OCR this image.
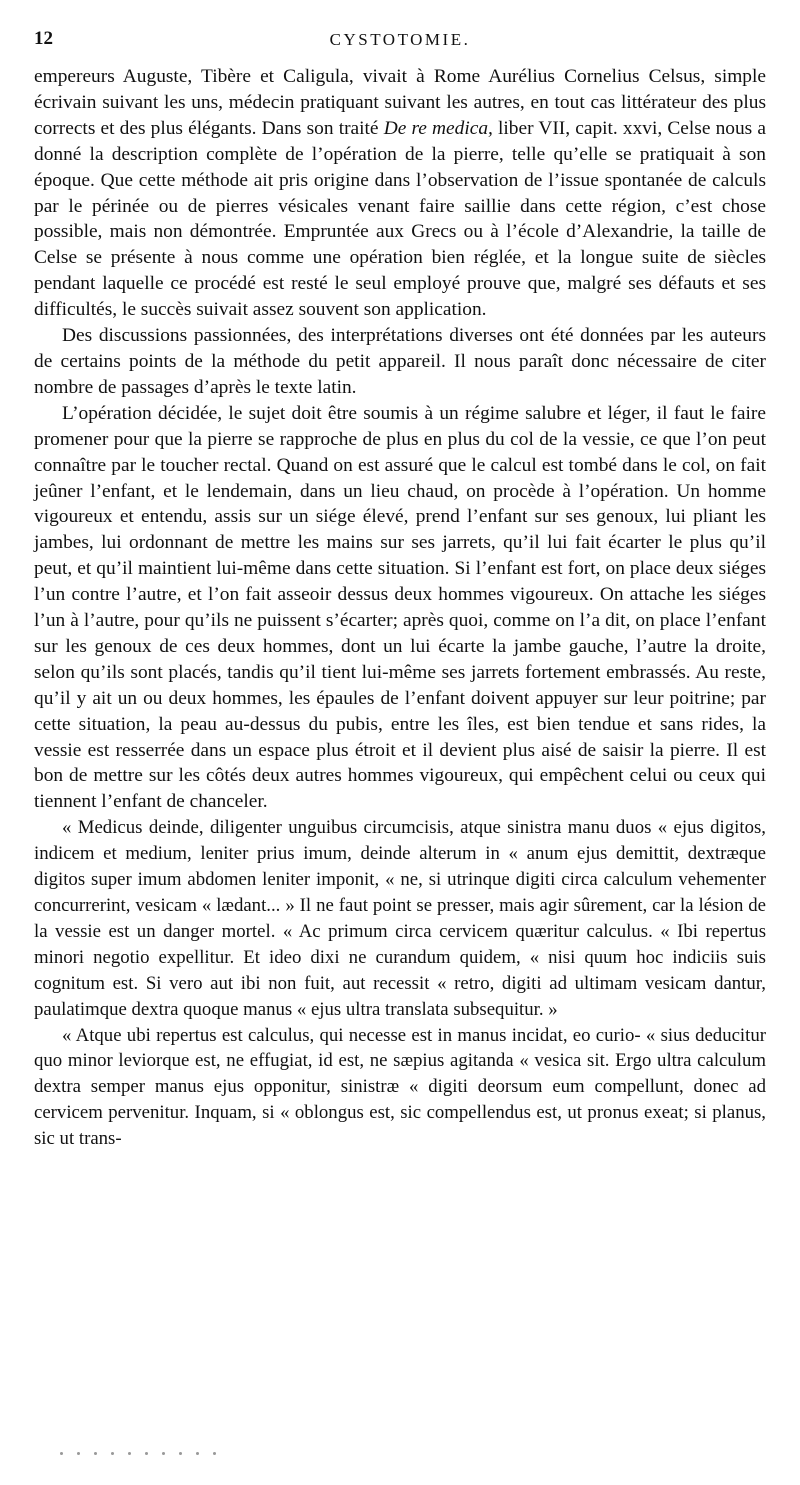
12	CYSTOTOMIE.

empereurs Auguste, Tibère et Caligula, vivait à Rome Aurélius Cornelius Celsus, simple écrivain suivant les uns, médecin pratiquant suivant les autres, en tout cas littérateur des plus corrects et des plus élégants. Dans son traité De re medica, liber VII, capit. xxvi, Celse nous a donné la description complète de l’opération de la pierre, telle qu’elle se pratiquait à son époque. Que cette méthode ait pris origine dans l’observation de l’issue spontanée de calculs par le périnée ou de pierres vésicales venant faire saillie dans cette région, c’est chose possible, mais non démontrée. Empruntée aux Grecs ou à l’école d’Alexandrie, la taille de Celse se présente à nous comme une opération bien réglée, et la longue suite de siècles pendant laquelle ce procédé est resté le seul employé prouve que, malgré ses défauts et ses difficultés, le succès suivait assez souvent son application.

Des discussions passionnées, des interprétations diverses ont été données par les auteurs de certains points de la méthode du petit appareil. Il nous paraît donc nécessaire de citer nombre de passages d’après le texte latin.

L’opération décidée, le sujet doit être soumis à un régime salubre et léger, il faut le faire promener pour que la pierre se rapproche de plus en plus du col de la vessie, ce que l’on peut connaître par le toucher rectal. Quand on est assuré que le calcul est tombé dans le col, on fait jeûner l’enfant, et le lendemain, dans un lieu chaud, on procède à l’opération. Un homme vigoureux et entendu, assis sur un siége élevé, prend l’enfant sur ses genoux, lui pliant les jambes, lui ordonnant de mettre les mains sur ses jarrets, qu’il lui fait écarter le plus qu’il peut, et qu’il maintient lui-même dans cette situation. Si l’enfant est fort, on place deux siéges l’un contre l’autre, et l’on fait asseoir dessus deux hommes vigoureux. On attache les siéges l’un à l’autre, pour qu’ils ne puissent s’écarter; après quoi, comme on l’a dit, on place l’enfant sur les genoux de ces deux hommes, dont un lui écarte la jambe gauche, l’autre la droite, selon qu’ils sont placés, tandis qu’il tient lui-même ses jarrets fortement embrassés. Au reste, qu’il y ait un ou deux hommes, les épaules de l’enfant doivent appuyer sur leur poitrine; par cette situation, la peau au-dessus du pubis, entre les îles, est bien tendue et sans rides, la vessie est resserrée dans un espace plus étroit et il devient plus aisé de saisir la pierre. Il est bon de mettre sur les côtés deux autres hommes vigoureux, qui empêchent celui ou ceux qui tiennent l’enfant de chanceler.

« Medicus deinde, diligenter unguibus circumcisis, atque sinistra manu duos « ejus digitos, indicem et medium, leniter prius imum, deinde alterum in « anum ejus demittit, dextræque digitos super imum abdomen leniter imponit, « ne, si utrinque digiti circa calculum vehementer concurrerint, vesicam « lædant... » Il ne faut point se presser, mais agir sûrement, car la lésion de la vessie est un danger mortel. « Ac primum circa cervicem quæritur calculus. « Ibi repertus minori negotio expellitur. Et ideo dixi ne curandum quidem, « nisi quum hoc indiciis suis cognitum est. Si vero aut ibi non fuit, aut recessit « retro, digiti ad ultimam vesicam dantur, paulatimque dextra quoque manus « ejus ultra translata subsequitur. »

« Atque ubi repertus est calculus, qui necesse est in manus incidat, eo curio- « sius deducitur quo minor leviorque est, ne effugiat, id est, ne sæpius agitanda « vesica sit. Ergo ultra calculum dextra semper manus ejus opponitur, sinistræ « digiti deorsum eum compellunt, donec ad cervicem pervenitur. Inquam, si « oblongus est, sic compellendus est, ut pronus exeat; si planus, sic ut trans-
